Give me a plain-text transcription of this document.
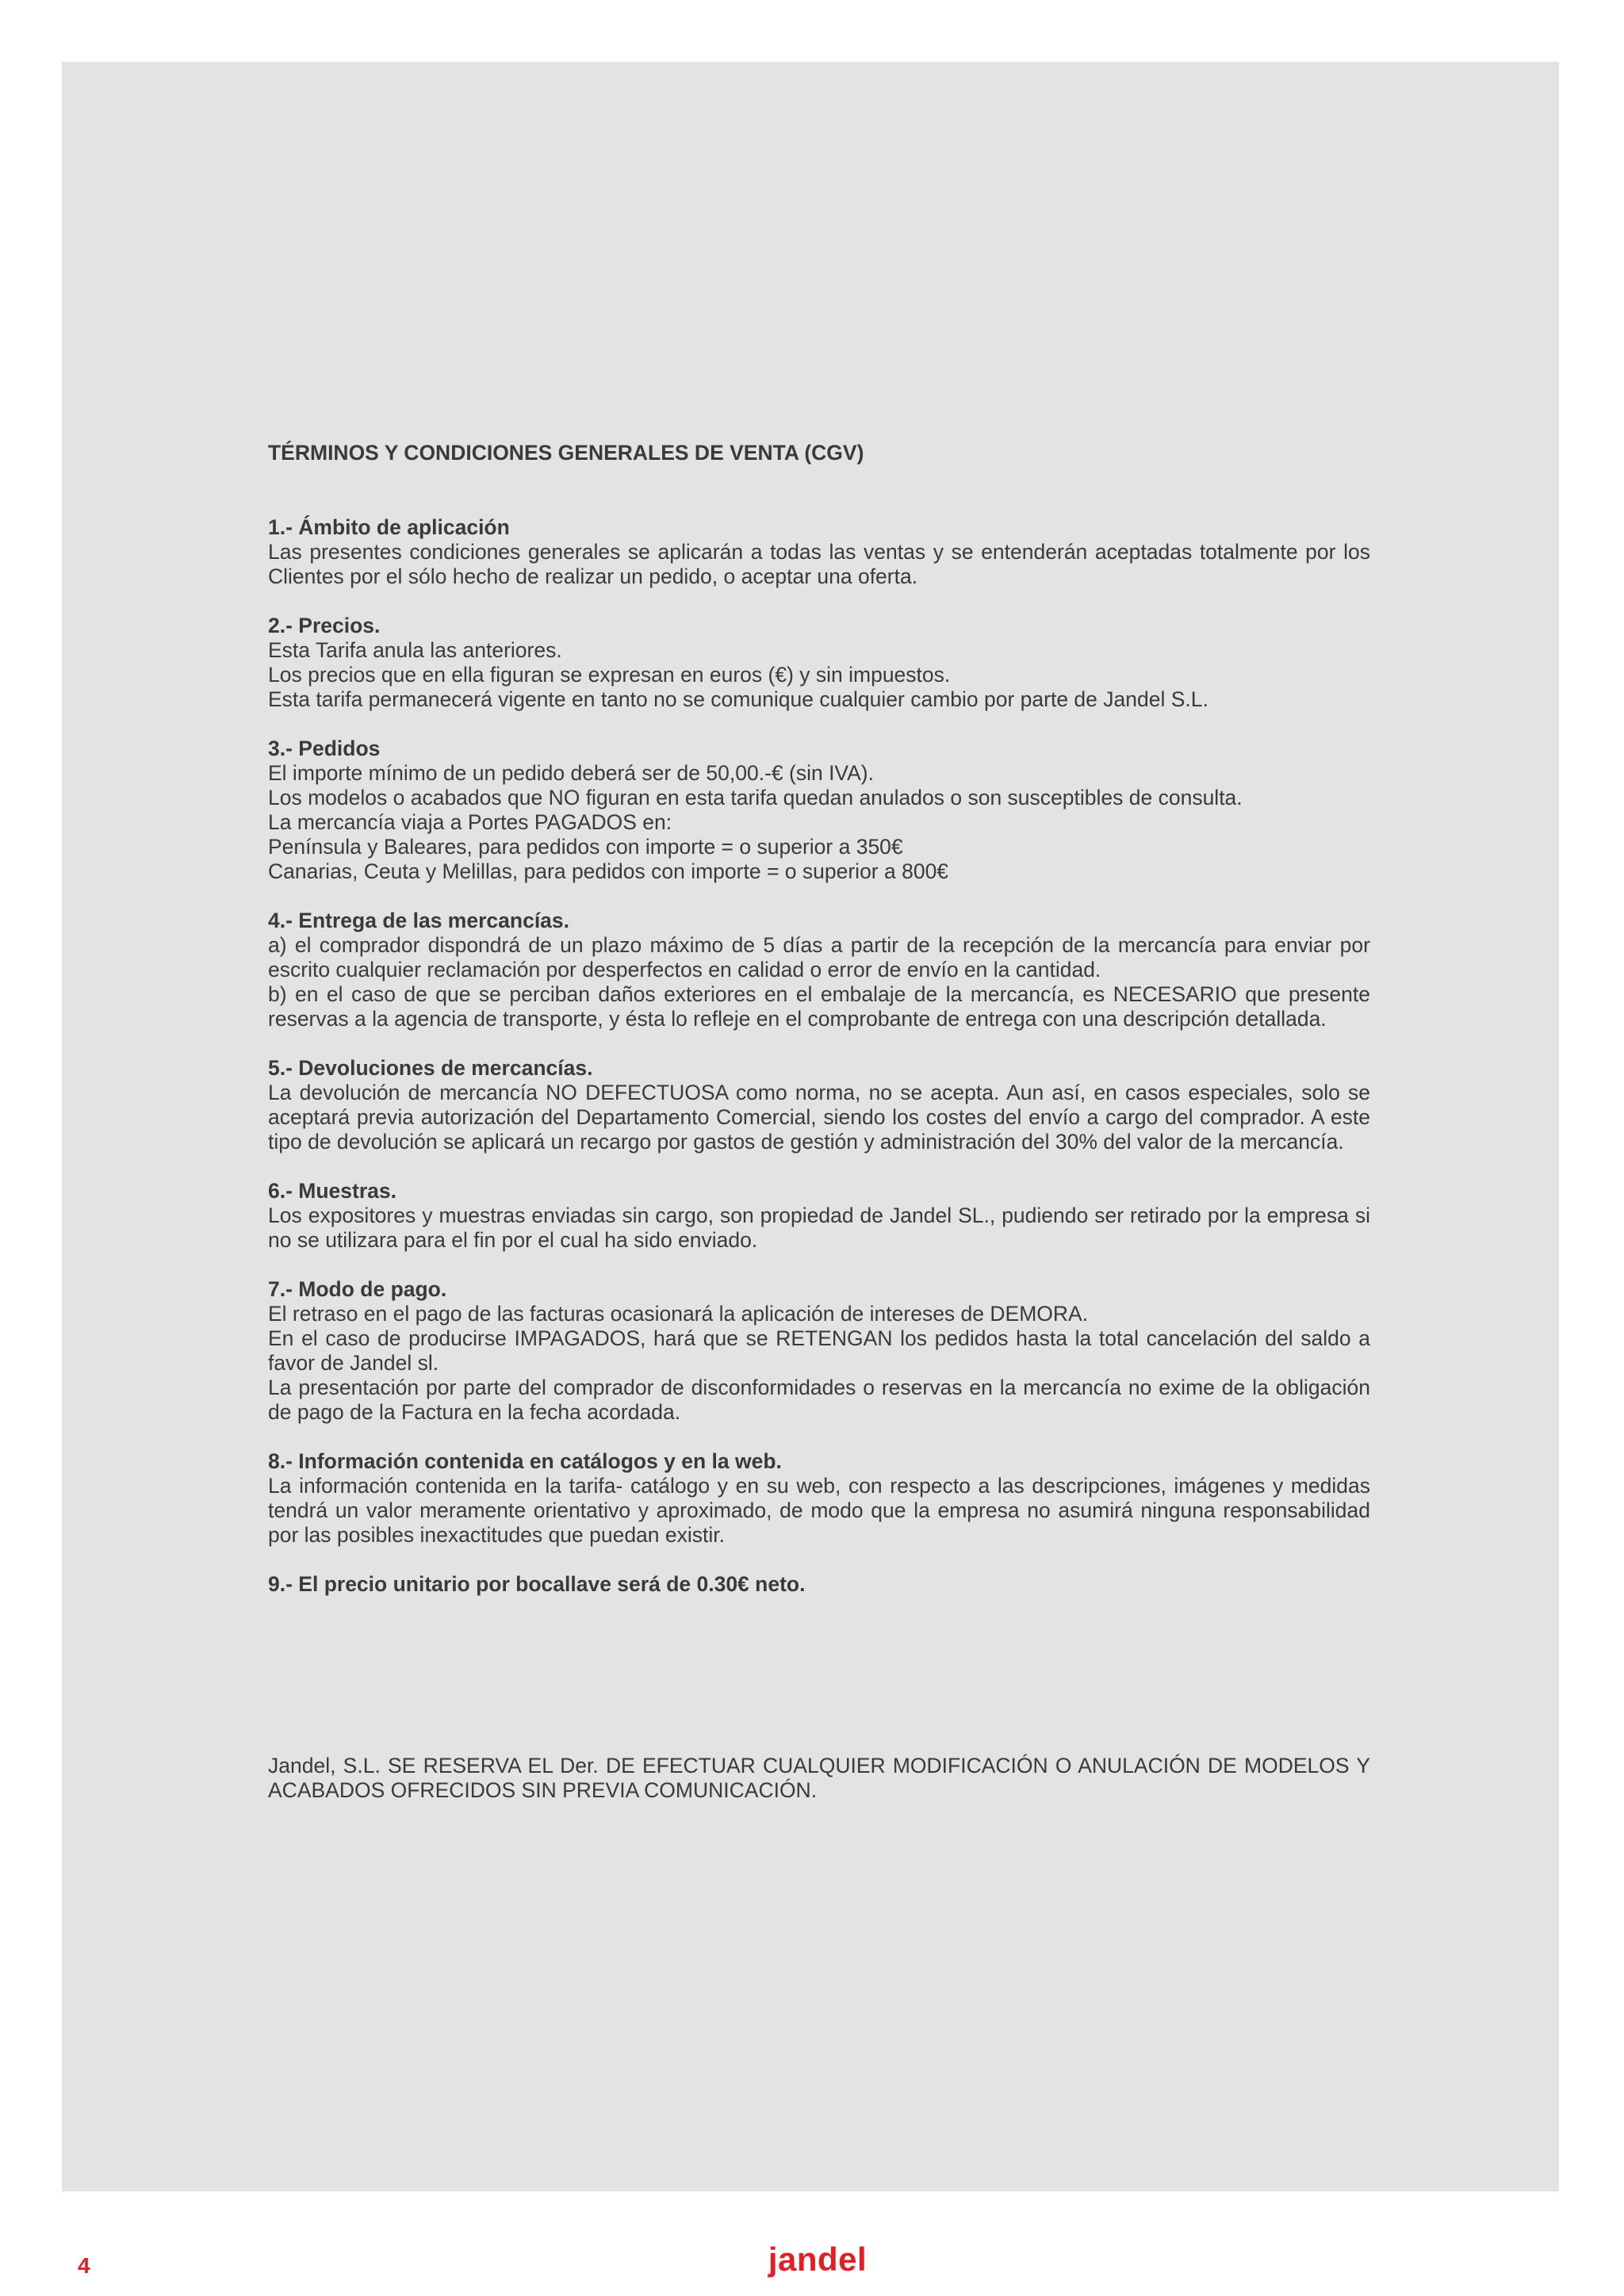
TÉRMINOS Y CONDICIONES GENERALES DE VENTA (CGV)
1.- Ámbito de aplicación
Las presentes condiciones generales se aplicarán a todas las ventas y se entenderán aceptadas totalmente por los Clientes por el sólo hecho de realizar un pedido, o aceptar una oferta.
2.- Precios.
Esta Tarifa anula las anteriores.
Los precios que en ella figuran se expresan en euros (€) y sin impuestos.
Esta tarifa permanecerá vigente en tanto no se comunique cualquier cambio por parte de Jandel S.L.
3.- Pedidos
El importe mínimo de un pedido deberá ser de 50,00.-€ (sin IVA).
Los modelos o acabados que NO figuran en esta tarifa quedan anulados o son susceptibles de consulta.
La mercancía viaja a Portes PAGADOS en:
Península y Baleares, para pedidos con importe = o superior a 350€
Canarias, Ceuta y Melillas, para pedidos con importe = o superior a 800€
4.- Entrega de las mercancías.
a) el comprador dispondrá de un plazo máximo de 5 días a partir de la recepción de la mercancía para enviar por escrito cualquier reclamación por desperfectos en calidad o error de envío en la cantidad.
b) en el caso de que se perciban daños exteriores en el embalaje de la mercancía, es NECESARIO que presente reservas a la agencia de transporte, y ésta lo refleje en el comprobante de entrega con una descripción detallada.
5.- Devoluciones de mercancías.
La devolución de mercancía NO DEFECTUOSA como norma, no se acepta. Aun así, en casos especiales, solo se aceptará previa autorización del Departamento Comercial, siendo los costes del envío a cargo del comprador. A este tipo de devolución se aplicará un recargo por gastos de gestión y administración del 30% del valor de la mercancía.
6.- Muestras.
Los expositores y muestras enviadas sin cargo, son propiedad de Jandel SL., pudiendo ser retirado por la empresa si no se utilizara para el fin por el cual ha sido enviado.
7.- Modo de pago.
El retraso en el pago de las facturas ocasionará la aplicación de intereses de DEMORA.
En el caso de producirse IMPAGADOS, hará que se RETENGAN los pedidos hasta la total cancelación del saldo a favor de Jandel sl.
La presentación por parte del comprador de disconformidades o reservas en la mercancía no exime de la obligación de pago de la Factura en la fecha acordada.
8.- Información contenida en catálogos y en la web.
La información contenida en la tarifa- catálogo y en su web, con respecto a las descripciones, imágenes y medidas tendrá un valor meramente orientativo y aproximado, de modo que la empresa no asumirá ninguna responsabilidad por las posibles inexactitudes que puedan existir.
9.- El precio unitario por bocallave será de 0.30€ neto.
Jandel, S.L. SE RESERVA EL Der. DE EFECTUAR CUALQUIER MODIFICACIÓN O ANULACIÓN DE MODELOS Y ACABADOS OFRECIDOS SIN PREVIA COMUNICACIÓN.
4	jandel
